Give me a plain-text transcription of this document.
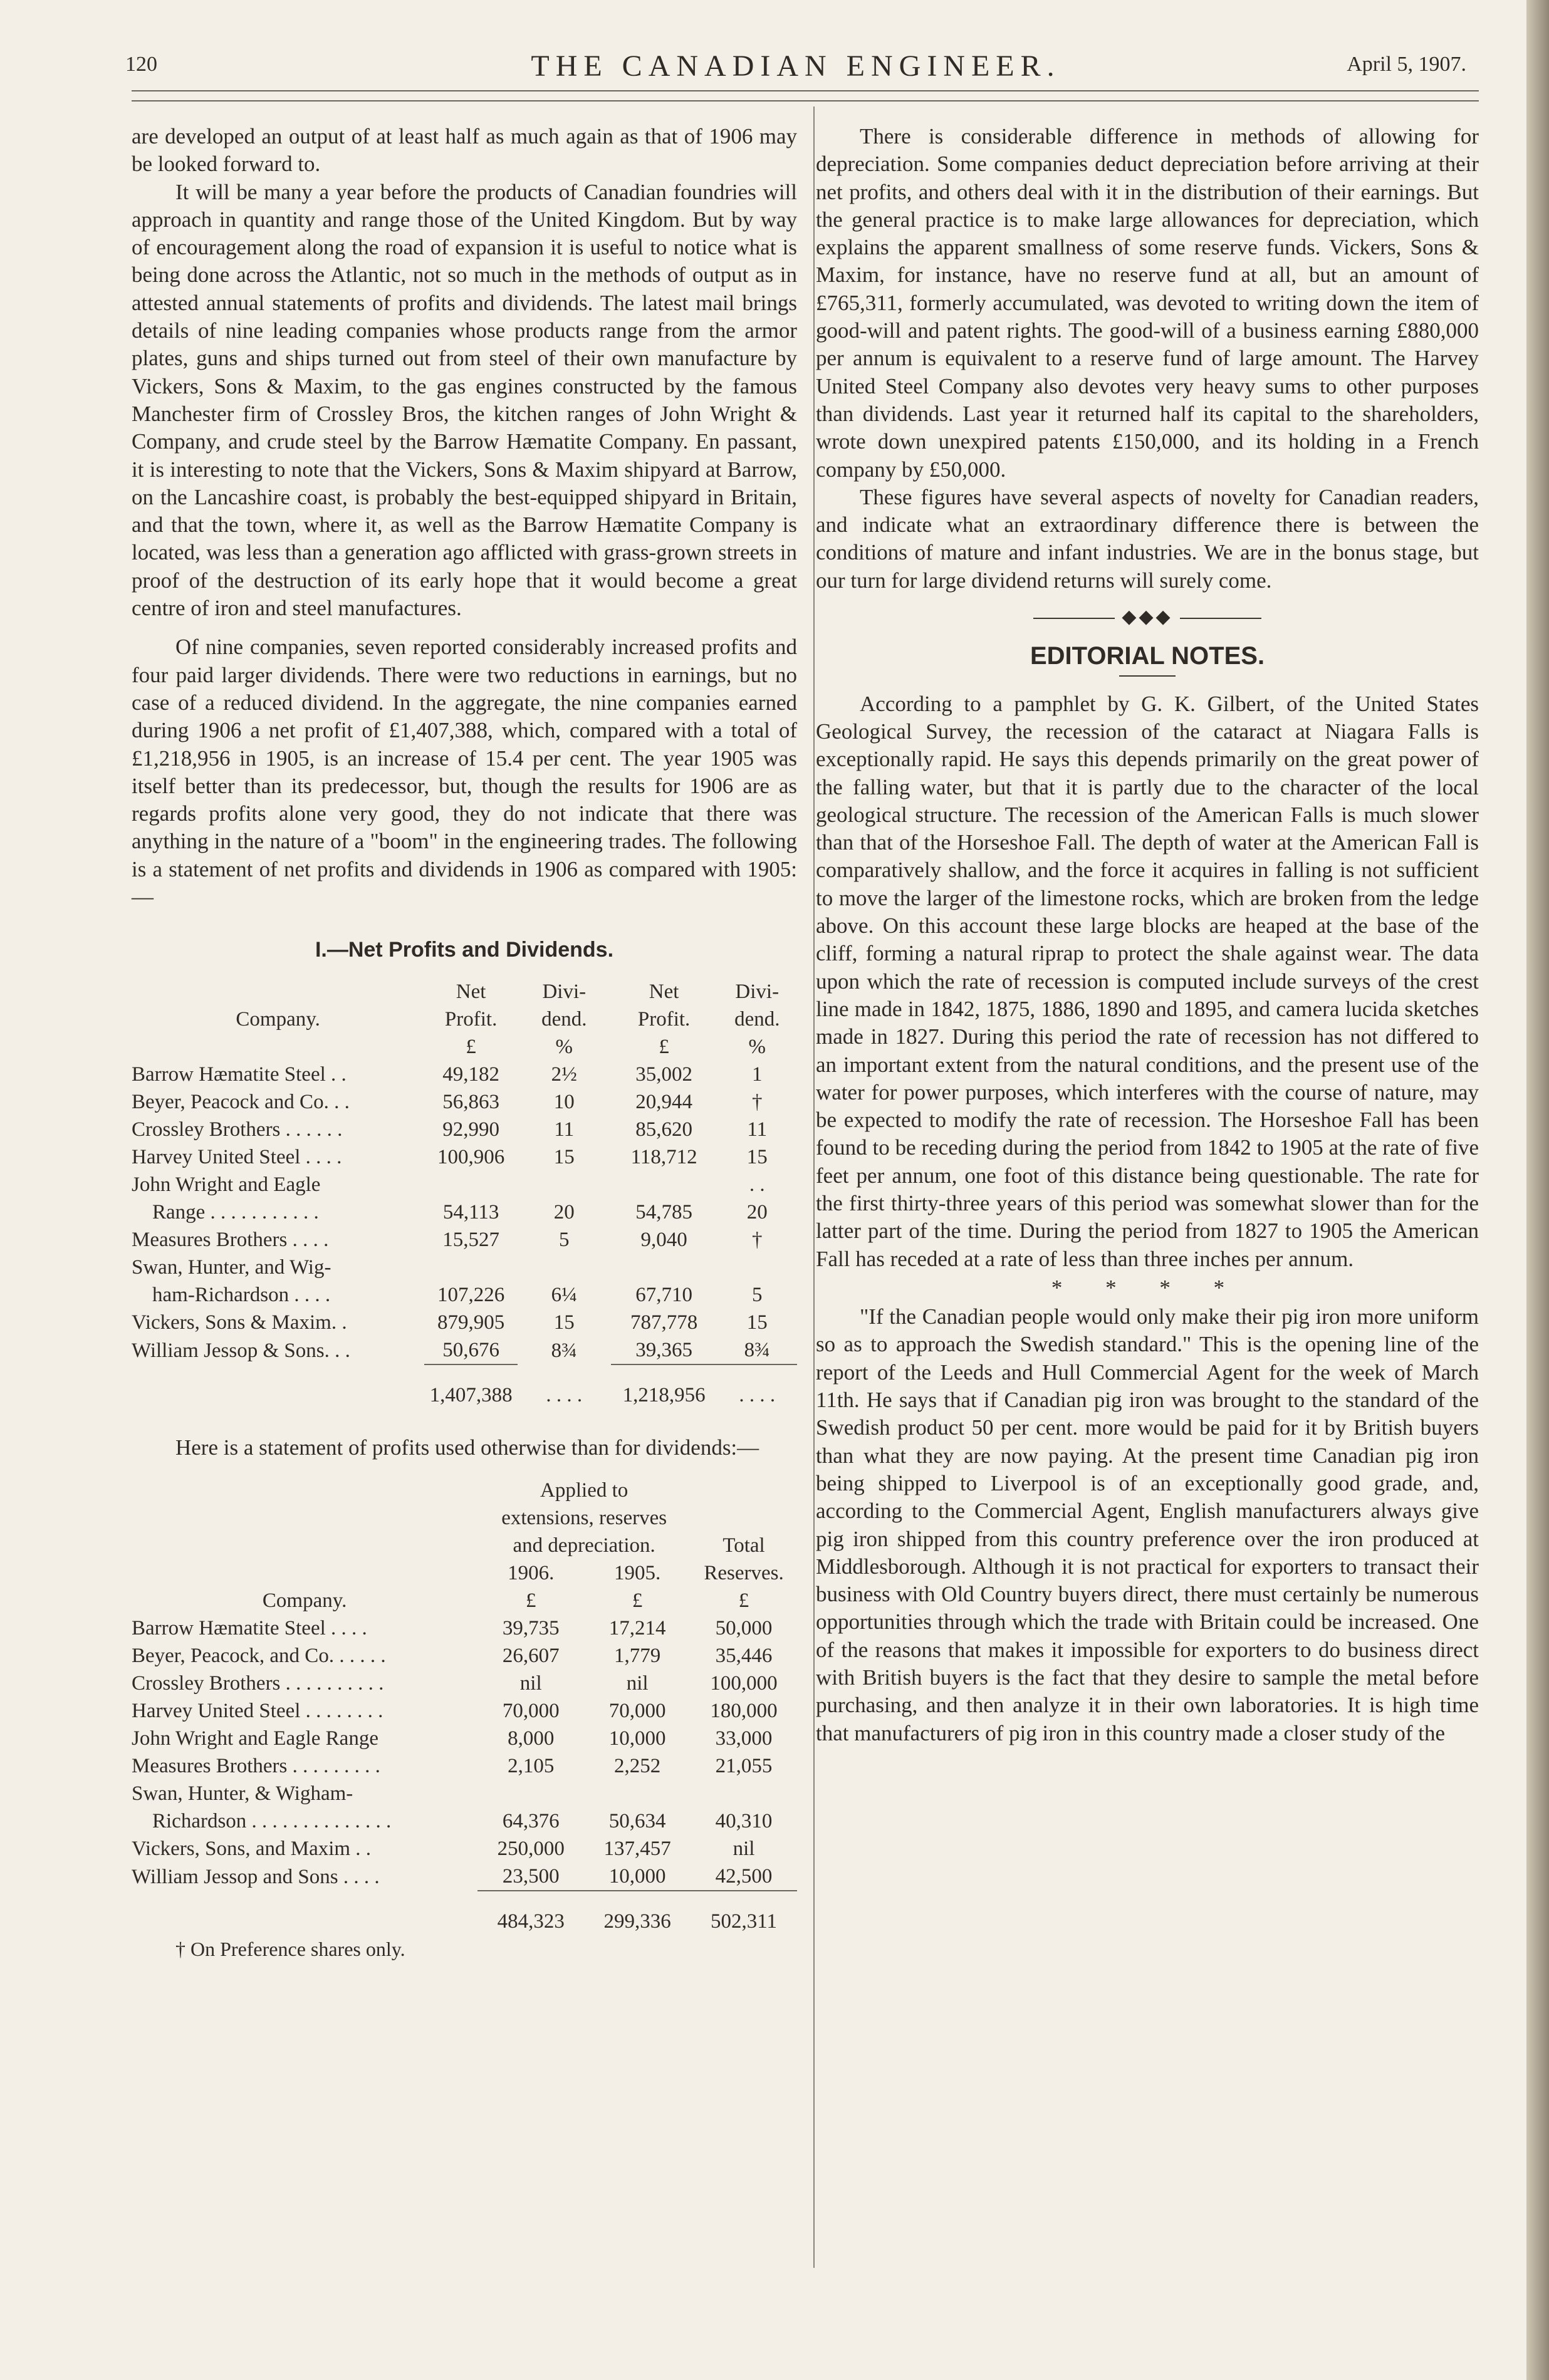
120	THE CANADIAN ENGINEER.	April 5, 1907.

are developed an output of at least half as much again as that of 1906 may be looked forward to.

It will be many a year before the products of Canadian foundries will approach in quantity and range those of the United Kingdom. But by way of encouragement along the road of expansion it is useful to notice what is being done across the Atlantic, not so much in the methods of output as in attested annual statements of profits and dividends. The latest mail brings details of nine leading companies whose products range from the armor plates, guns and ships turned out from steel of their own manufacture by Vickers, Sons & Maxim, to the gas engines constructed by the famous Manchester firm of Crossley Bros, the kitchen ranges of John Wright & Company, and crude steel by the Barrow Hæmatite Company. En passant, it is interesting to note that the Vickers, Sons & Maxim shipyard at Barrow, on the Lancashire coast, is probably the best-equipped shipyard in Britain, and that the town, where it, as well as the Barrow Hæmatite Company is located, was less than a generation ago afflicted with grass-grown streets in proof of the destruction of its early hope that it would become a great centre of iron and steel manufactures.

Of nine companies, seven reported considerably increased profits and four paid larger dividends. There were two reductions in earnings, but no case of a reduced dividend. In the aggregate, the nine companies earned during 1906 a net profit of £1,407,388, which, compared with a total of £1,218,956 in 1905, is an increase of 15.4 per cent. The year 1905 was itself better than its predecessor, but, though the results for 1906 are as regards profits alone very good, they do not indicate that there was anything in the nature of a "boom" in the engineering trades. The following is a statement of net profits and dividends in 1906 as compared with 1905:—

I.—Net Profits and Dividends.
	Net	Divi-	Net	Divi-
Company.	Profit.	dend.	Profit.	dend.
	£	%	£	%
Barrow Hæmatite Steel . .	49,182	2½	35,002	1
Beyer, Peacock and Co. . .	56,863	10	20,944	†
Crossley Brothers . . . . . .	92,990	11	85,620	11
Harvey United Steel . . . .	100,906	15	118,712	15
John Wright and Eagle				. .
Range . . . . . . . . . . .	54,113	20	54,785	20
Measures Brothers . . . .	15,527	5	9,040	†
Swan, Hunter, and Wig-				
ham-Richardson . . . .	107,226	6¼	67,710	5
Vickers, Sons & Maxim. .	879,905	15	787,778	15
William Jessop & Sons. . .	50,676	8¾	39,365	8¾
	1,407,388	. . . .	1,218,956	. . . .

Here is a statement of profits used otherwise than for dividends:—

	Applied to		
	extensions, reserves		
	and depreciation.		Total
	1906.	1905.	Reserves.
Company.	£	£	£
Barrow Hæmatite Steel . . . .	39,735	17,214	50,000
Beyer, Peacock, and Co. . . . . .	26,607	1,779	35,446
Crossley Brothers . . . . . . . . . .	nil	nil	100,000
Harvey United Steel . . . . . . . .	70,000	70,000	180,000
John Wright and Eagle Range	8,000	10,000	33,000
Measures Brothers . . . . . . . . .	2,105	2,252	21,055
Swan, Hunter, & Wigham-			
Richardson . . . . . . . . . . . . . .	64,376	50,634	40,310
Vickers, Sons, and Maxim . .	250,000	137,457	nil
William Jessop and Sons . . . .	23,500	10,000	42,500
	484,323	299,336	502,311

† On Preference shares only.

There is considerable difference in methods of allowing for depreciation. Some companies deduct depreciation before arriving at their net profits, and others deal with it in the distribution of their earnings. But the general practice is to make large allowances for depreciation, which explains the apparent smallness of some reserve funds. Vickers, Sons & Maxim, for instance, have no reserve fund at all, but an amount of £765,311, formerly accumulated, was devoted to writing down the item of good-will and patent rights. The good-will of a business earning £880,000 per annum is equivalent to a reserve fund of large amount. The Harvey United Steel Company also devotes very heavy sums to other purposes than dividends. Last year it returned half its capital to the shareholders, wrote down unexpired patents £150,000, and its holding in a French company by £50,000.

These figures have several aspects of novelty for Canadian readers, and indicate what an extraordinary difference there is between the conditions of mature and infant industries. We are in the bonus stage, but our turn for large dividend returns will surely come.

◆◆◆
EDITORIAL NOTES.

According to a pamphlet by G. K. Gilbert, of the United States Geological Survey, the recession of the cataract at Niagara Falls is exceptionally rapid. He says this depends primarily on the great power of the falling water, but that it is partly due to the character of the local geological structure. The recession of the American Falls is much slower than that of the Horseshoe Fall. The depth of water at the American Fall is comparatively shallow, and the force it acquires in falling is not sufficient to move the larger of the limestone rocks, which are broken from the ledge above. On this account these large blocks are heaped at the base of the cliff, forming a natural riprap to protect the shale against wear. The data upon which the rate of recession is computed include surveys of the crest line made in 1842, 1875, 1886, 1890 and 1895, and camera lucida sketches made in 1827. During this period the rate of recession has not differed to an important extent from the natural conditions, and the present use of the water for power purposes, which interferes with the course of nature, may be expected to modify the rate of recession. The Horseshoe Fall has been found to be receding during the period from 1842 to 1905 at the rate of five feet per annum, one foot of this distance being questionable. The rate for the first thirty-three years of this period was somewhat slower than for the latter part of the time. During the period from 1827 to 1905 the American Fall has receded at a rate of less than three inches per annum.

* * * *

"If the Canadian people would only make their pig iron more uniform so as to approach the Swedish standard." This is the opening line of the report of the Leeds and Hull Commercial Agent for the week of March 11th. He says that if Canadian pig iron was brought to the standard of the Swedish product 50 per cent. more would be paid for it by British buyers than what they are now paying. At the present time Canadian pig iron being shipped to Liverpool is of an exceptionally good grade, and, according to the Commercial Agent, English manufacturers always give pig iron shipped from this country preference over the iron produced at Middlesborough. Although it is not practical for exporters to transact their business with Old Country buyers direct, there must certainly be numerous opportunities through which the trade with Britain could be increased. One of the reasons that makes it impossible for exporters to do business direct with British buyers is the fact that they desire to sample the metal before purchasing, and then analyze it in their own laboratories. It is high time that manufacturers of pig iron in this country made a closer study of the
